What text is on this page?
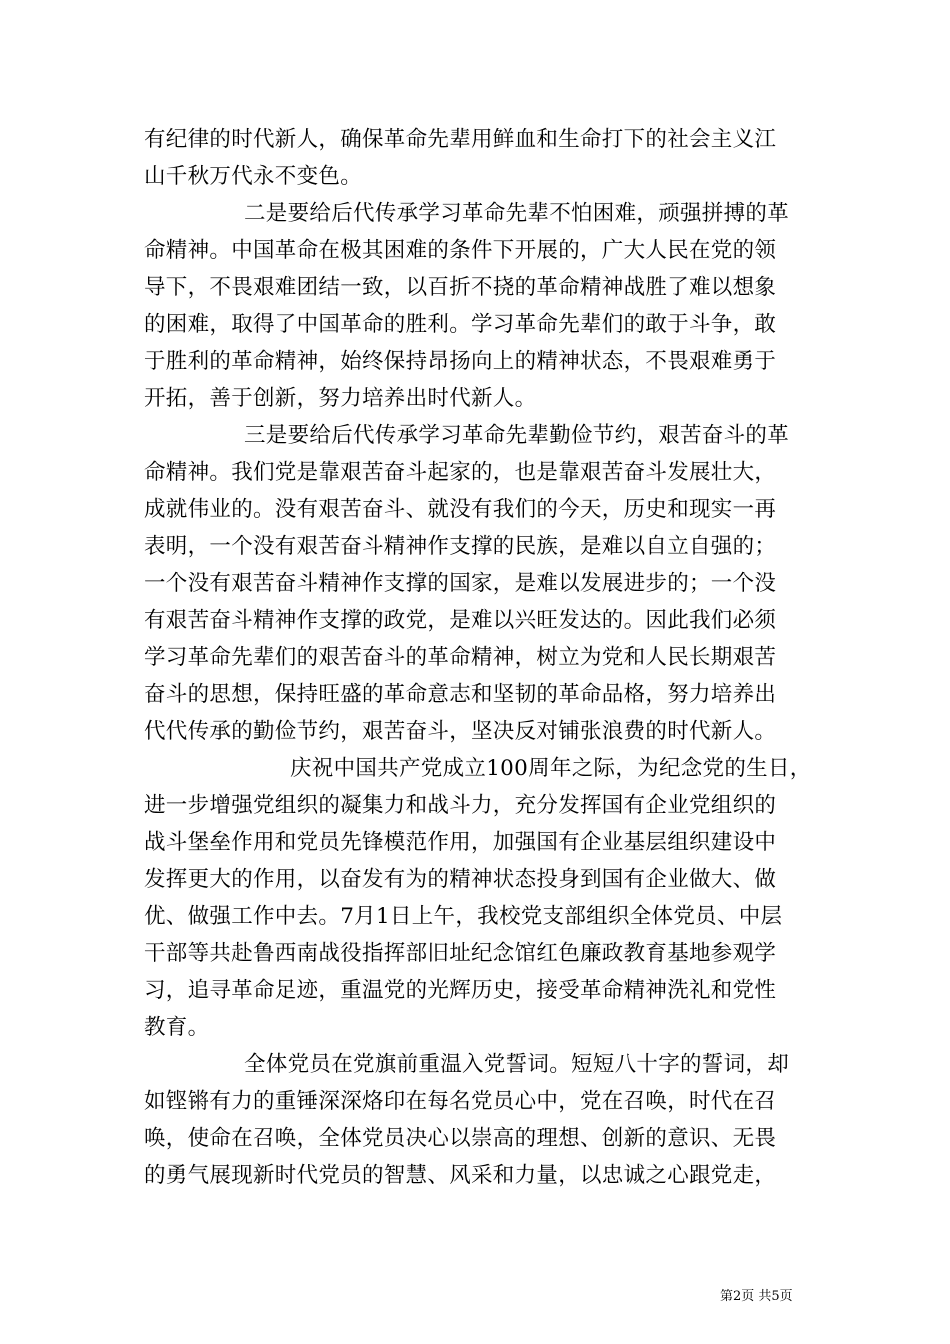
有纪律的时代新人，确保革命先辈用鲜血和生命打下的社会主义江
山千秋万代永不变色。
二是要给后代传承学习革命先辈不怕困难，顽强拼搏的革
命精神。中国革命在极其困难的条件下开展的，广大人民在党的领
导下，不畏艰难团结一致，以百折不挠的革命精神战胜了难以想象
的困难，取得了中国革命的胜利。学习革命先辈们的敢于斗争，敢
于胜利的革命精神，始终保持昂扬向上的精神状态，不畏艰难勇于
开拓，善于创新，努力培养出时代新人。
三是要给后代传承学习革命先辈勤俭节约，艰苦奋斗的革
命精神。我们党是靠艰苦奋斗起家的，也是靠艰苦奋斗发展壮大，
成就伟业的。没有艰苦奋斗、就没有我们的今天，历史和现实一再
表明，一个没有艰苦奋斗精神作支撑的民族，是难以自立自强的；
一个没有艰苦奋斗精神作支撑的国家，是难以发展进步的；一个没
有艰苦奋斗精神作支撑的政党，是难以兴旺发达的。因此我们必须
学习革命先辈们的艰苦奋斗的革命精神，树立为党和人民长期艰苦
奋斗的思想，保持旺盛的革命意志和坚韧的革命品格，努力培养出
代代传承的勤俭节约，艰苦奋斗，坚决反对铺张浪费的时代新人。
庆祝中国共产党成立100周年之际，为纪念党的生日，
进一步增强党组织的凝集力和战斗力，充分发挥国有企业党组织的
战斗堡垒作用和党员先锋模范作用，加强国有企业基层组织建设中
发挥更大的作用，以奋发有为的精神状态投身到国有企业做大、做
优、做强工作中去。7月1日上午，我校党支部组织全体党员、中层
干部等共赴鲁西南战役指挥部旧址纪念馆红色廉政教育基地参观学
习，追寻革命足迹，重温党的光辉历史，接受革命精神洗礼和党性
教育。
全体党员在党旗前重温入党誓词。短短八十字的誓词，却
如铿锵有力的重锤深深烙印在每名党员心中，党在召唤，时代在召
唤，使命在召唤，全体党员决心以崇高的理想、创新的意识、无畏
的勇气展现新时代党员的智慧、风采和力量，以忠诚之心跟党走，
第2页 共5页
